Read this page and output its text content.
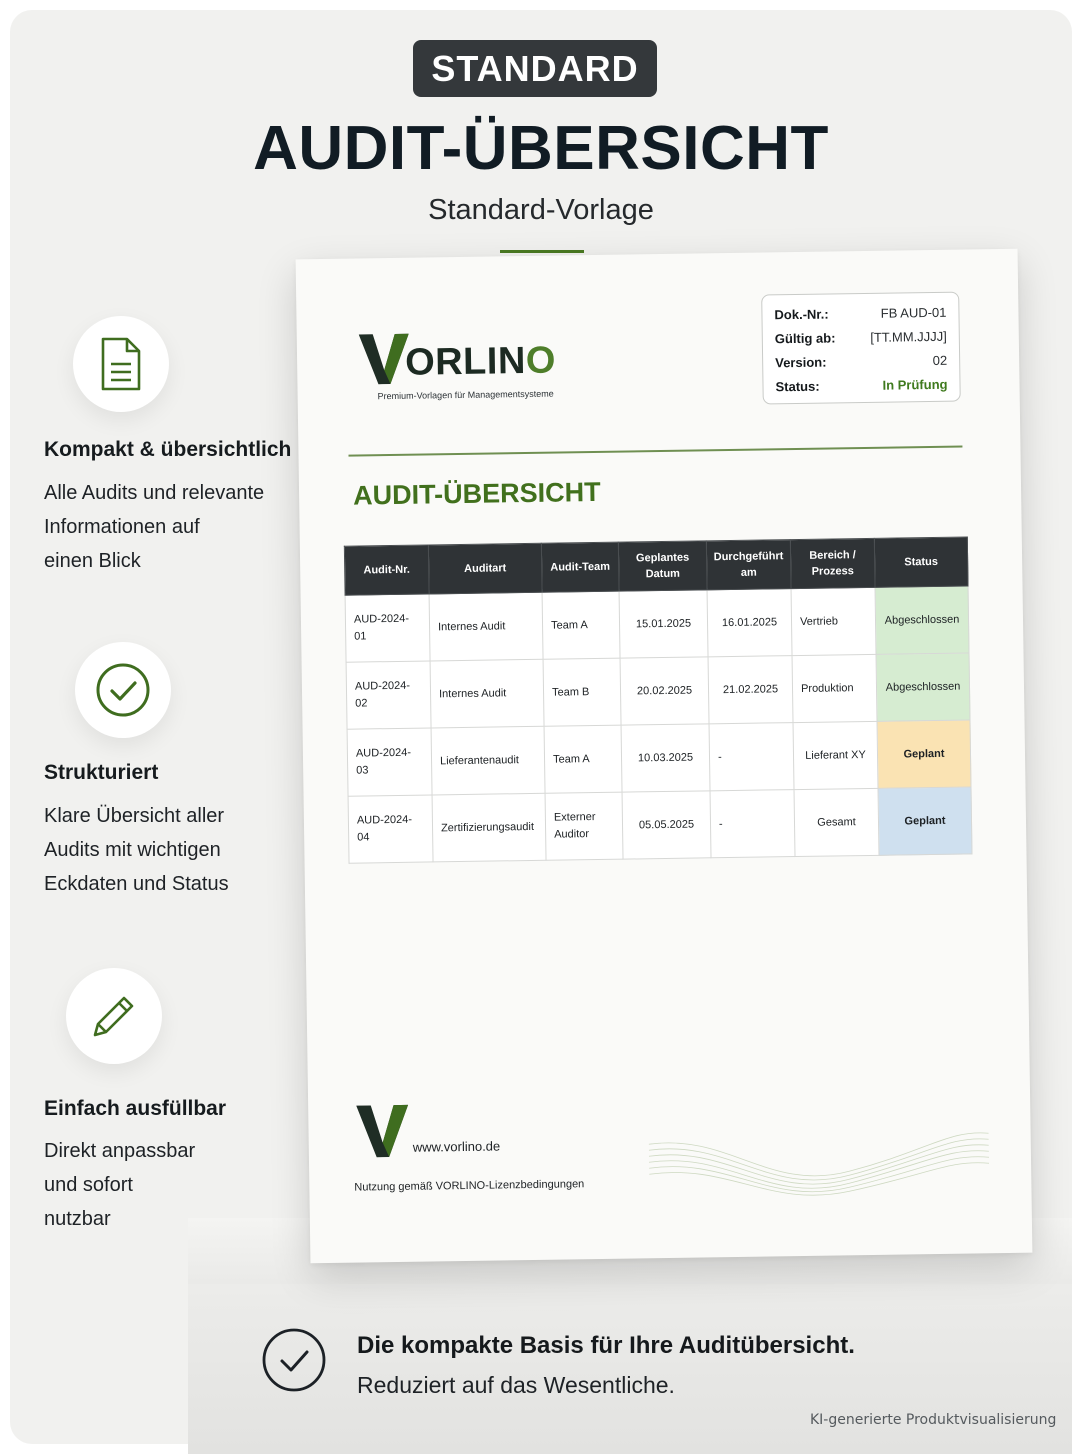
STANDARD
AUDIT-ÜBERSICHT
Standard-Vorlage
Kompakt & übersichtlich
Alle Audits und relevante
Informationen auf
einen Blick
Strukturiert
Klare Übersicht aller
Audits mit wichtigen
Eckdaten und Status
Einfach ausfüllbar
Direkt anpassbar
und sofort
nutzbar
ORLINO
Premium-Vorlagen für Managementsysteme
Dok.-Nr.:	FB AUD-01
Gültig ab:	[TT.MM.JJJJ]
Version:	02
Status:	In Prüfung
AUDIT-ÜBERSICHT
Audit-Nr.	Auditart	Audit-Team	Geplantes Datum	Durchgeführt am	Bereich / Prozess	Status
AUD-2024-01	Internes Audit	Team A	15.01.2025	16.01.2025	Vertrieb	Abgeschlossen
AUD-2024-02	Internes Audit	Team B	20.02.2025	21.02.2025	Produktion	Abgeschlossen
AUD-2024-03	Lieferantenaudit	Team A	10.03.2025	-	Lieferant XY	Geplant
AUD-2024-04	Zertifizierungsaudit	Externer Auditor	05.05.2025	-	Gesamt	Geplant
www.vorlino.de
Nutzung gemäß VORLINO-Lizenzbedingungen
Die kompakte Basis für Ihre Auditübersicht.
Reduziert auf das Wesentliche.
KI-generierte Produktvisualisierung
